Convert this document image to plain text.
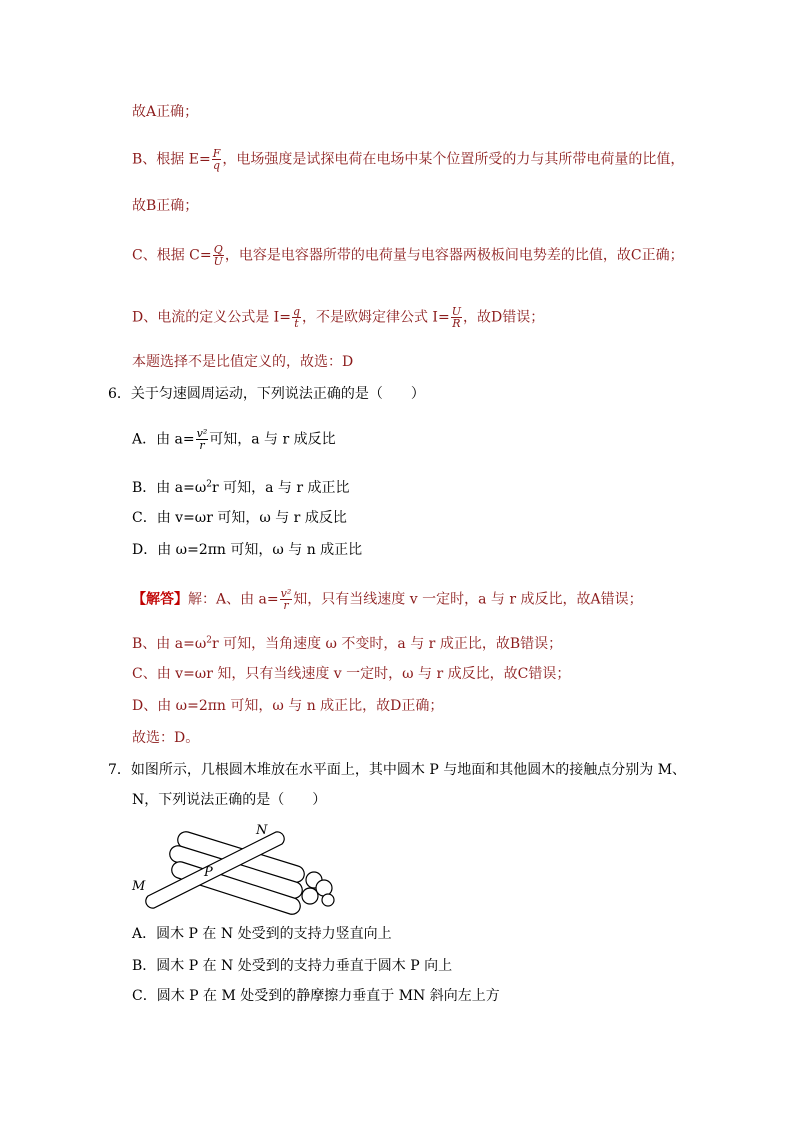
故A正确；
B、根据 $E= \frac{F}{q}$ ，电场强度是试探电荷在电场中某个位置所受的力与其所带电荷量的比值，
故B正确；
C、根据 $C= \frac{Q}{U}$ ，电容是电容器所带的电荷量与电容器两极板间电势差的比值，故C正确；
D、电流的定义公式是 $I= \frac{q}{t}$ ，不是欧姆定律公式 $I= \frac{U}{R}$ ，故D错误；
本题选择不是比值定义的，故选：D
6．关于匀速圆周运动，下列说法正确的是（　　）
A．由 $a= \frac{\text{v²}}{r}$ 可知，a 与 r 成反比
B．由 $a=\omega^2r$ 可知，a 与 r 成正比
C．由 v=ωr 可知，ω 与 r 成反比
D．由 ω=2πn 可知，ω 与 n 成正比
【解答】解：A、由 $a= \frac{\text{v²}}{r}$ 知，只有当线速度 v 一定时，a 与 r 成反比，故A错误；
B、由 $a=\omega^2r$ 可知，当角速度 ω 不变时，a 与 r 成正比，故B错误；
C、由 v=ωr 知，只有当线速度 v 一定时，ω 与 r 成反比，故C错误；
D、由 ω=2πn 可知，ω 与 n 成正比，故D正确；
故选：D。
7．如图所示，几根圆木堆放在水平面上，其中圆木 P 与地面和其他圆木的接触点分别为 M、
N，下列说法正确的是（　　）
N
P
M
A．圆木 P 在 N 处受到的支持力竖直向上
B．圆木 P 在 N 处受到的支持力垂直于圆木 P 向上
C．圆木 P 在 M 处受到的静摩擦力垂直于 MN 斜向左上方
